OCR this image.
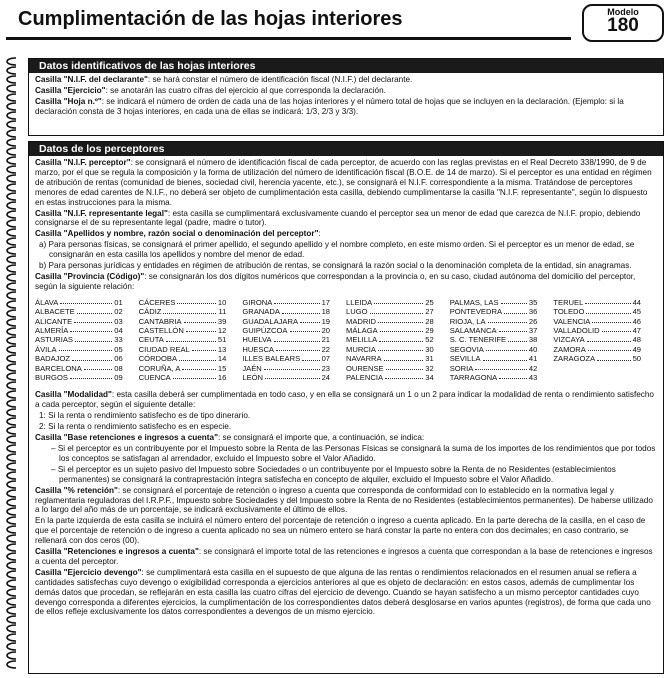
Cumplimentación de las hojas interiores	Modelo
180
Datos identificativos de las hojas interiores

Casilla "N.I.F. del declarante": se hará constar el número de identificación fiscal (N.I.F.) del declarante.

Casilla "Ejercicio": se anotarán las cuatro cifras del ejercicio al que corresponda la declaración.

Casilla "Hoja n.º": se indicará el número de orden de cada una de las hojas interiores y el número total de hojas que se incluyen en la declaración. (Ejemplo: si la declaración consta de 3 hojas interiores, en cada una de ellas se indicará: 1/3, 2/3 y 3/3).

Datos de los perceptores

Casilla "N.I.F. perceptor": se consignará el número de identificación fiscal de cada perceptor, de acuerdo con las reglas previstas en el Real Decreto 338/1990, de 9 de marzo, por el que se regula la composición y la forma de utilización del número de identificación fiscal (B.O.E. de 14 de marzo). Si el perceptor es una entidad en régimen de atribución de rentas (comunidad de bienes, sociedad civil, herencia yacente, etc.), se consignará el N.I.F. correspondiente a la misma. Tratándose de perceptores menores de edad carentes de N.I.F., no deberá ser objeto de cumplimentación esta casilla, debiendo cumplimentarse la casilla "N.I.F. representante", según lo dispuesto en estas instrucciones para la misma.

Casilla "N.I.F. representante legal": esta casilla se cumplimentará exclusivamente cuando el perceptor sea un menor de edad que carezca de N.I.F. propio, debiendo consignarse el de su representante legal (padre, madre o tutor).

Casilla "Apellidos y nombre, razón social o denominación del perceptor":

a) Para personas físicas, se consignará el primer apellido, el segundo apellido y el nombre completo, en este mismo orden. Si el perceptor es un menor de edad, se consignarán en esta casilla los apellidos y nombre del menor de edad.

b) Para personas jurídicas y entidades en régimen de atribución de rentas, se consignará la razón social o la denominación completa de la entidad, sin anagramas.

Casilla "Provincia (Código)": se consignarán los dos dígitos numéricos que correspondan a la provincia o, en su caso, ciudad autónoma del domicilio del perceptor, según la siguiente relación:

ÁLAVA	01
ALBACETE	02
ALICANTE	03
ALMERÍA	04
ASTURIAS	33
ÁVILA	05
BADAJOZ	06
BARCELONA	08
BURGOS	09
CÁCERES	10
CÁDIZ	11
CANTABRIA	39
CASTELLÓN	12
CEUTA	51
CIUDAD REAL	13
CÓRDOBA	14
CORUÑA, A	15
CUENCA	16
GIRONA	17
GRANADA	18
GUADALAJARA	19
GUIPÚZCOA	20
HUELVA	21
HUESCA	22
ILLES BALEARS	07
JAÉN	23
LEÓN	24
LLEIDA	25
LUGO	27
MADRID	28
MÁLAGA	29
MELILLA	52
MURCIA	30
NAVARRA	31
OURENSE	32
PALENCIA	34
PALMAS, LAS	35
PONTEVEDRA	36
RIOJA, LA	26
SALAMANCA	37
S. C. TENERIFE	38
SEGOVIA	40
SEVILLA	41
SORIA	42
TARRAGONA	43
TERUEL	44
TOLEDO	45
VALENCIA	46
VALLADOLID	47
VIZCAYA	48
ZAMORA	49
ZARAGOZA	50

Casilla "Modalidad": esta casilla deberá ser cumplimentada en todo caso, y en ella se consignará un 1 o un 2 para indicar la modalidad de renta o rendimiento satisfecho a cada perceptor, según el siguiente detalle:

1: Si la renta o rendimiento satisfecho es de tipo dinerario.

2: Si la renta o rendimiento satisfecho es en especie.

Casilla "Base retenciones e ingresos a cuenta": se consignará el importe que, a continuación, se indica:

– Si el perceptor es un contribuyente por el Impuesto sobre la Renta de las Personas Físicas se consignará la suma de los importes de los rendimientos que por todos los conceptos se satisfagan al arrendador, excluido el Impuesto sobre el Valor Añadido.

– Si el perceptor es un sujeto pasivo del Impuesto sobre Sociedades o un contribuyente por el Impuesto sobre la Renta de no Residentes (establecimientos permanentes) se consignará la contraprestación íntegra satisfecha en concepto de alquiler, excluido el Impuesto sobre el Valor Añadido.

Casilla "% retención": se consignará el porcentaje de retención o ingreso a cuenta que corresponda de conformidad con lo establecido en la normativa legal y reglamentaria reguladoras del I.R.P.F., Impuesto sobre Sociedades y del Impuesto sobre la Renta de no Residentes (establecimientos permanentes). De haberse utilizado a lo largo del año más de un porcentaje, se indicará exclusivamente el último de ellos.

En la parte izquierda de esta casilla se incluirá el número entero del porcentaje de retención o ingreso a cuenta aplicado. En la parte derecha de la casilla, en el caso de que el porcentaje de retención o de ingreso a cuenta aplicado no sea un número entero se hará constar la parte no entera con dos decimales; en caso contrario, se rellenará con dos ceros (00).

Casilla "Retenciones e ingresos a cuenta": se consignará el importe total de las retenciones e ingresos a cuenta que correspondan a la base de retenciones e ingresos a cuenta del perceptor.

Casilla "Ejercicio devengo": se cumplimentará esta casilla en el supuesto de que alguna de las rentas o rendimientos relacionados en el resumen anual se refiera a cantidades satisfechas cuyo devengo o exigibilidad corresponda a ejercicios anteriores al que es objeto de declaración: en estos casos, además de cumplimentar los demás datos que procedan, se reflejarán en esta casilla las cuatro cifras del ejercicio de devengo. Cuando se hayan satisfecho a un mismo perceptor cantidades cuyo devengo corresponda a diferentes ejercicios, la cumplimentación de los correspondientes datos deberá desglosarse en varios apuntes (registros), de forma que cada uno de ellos refleje exclusivamente los datos correspondientes a devengos de un mismo ejercicio.
